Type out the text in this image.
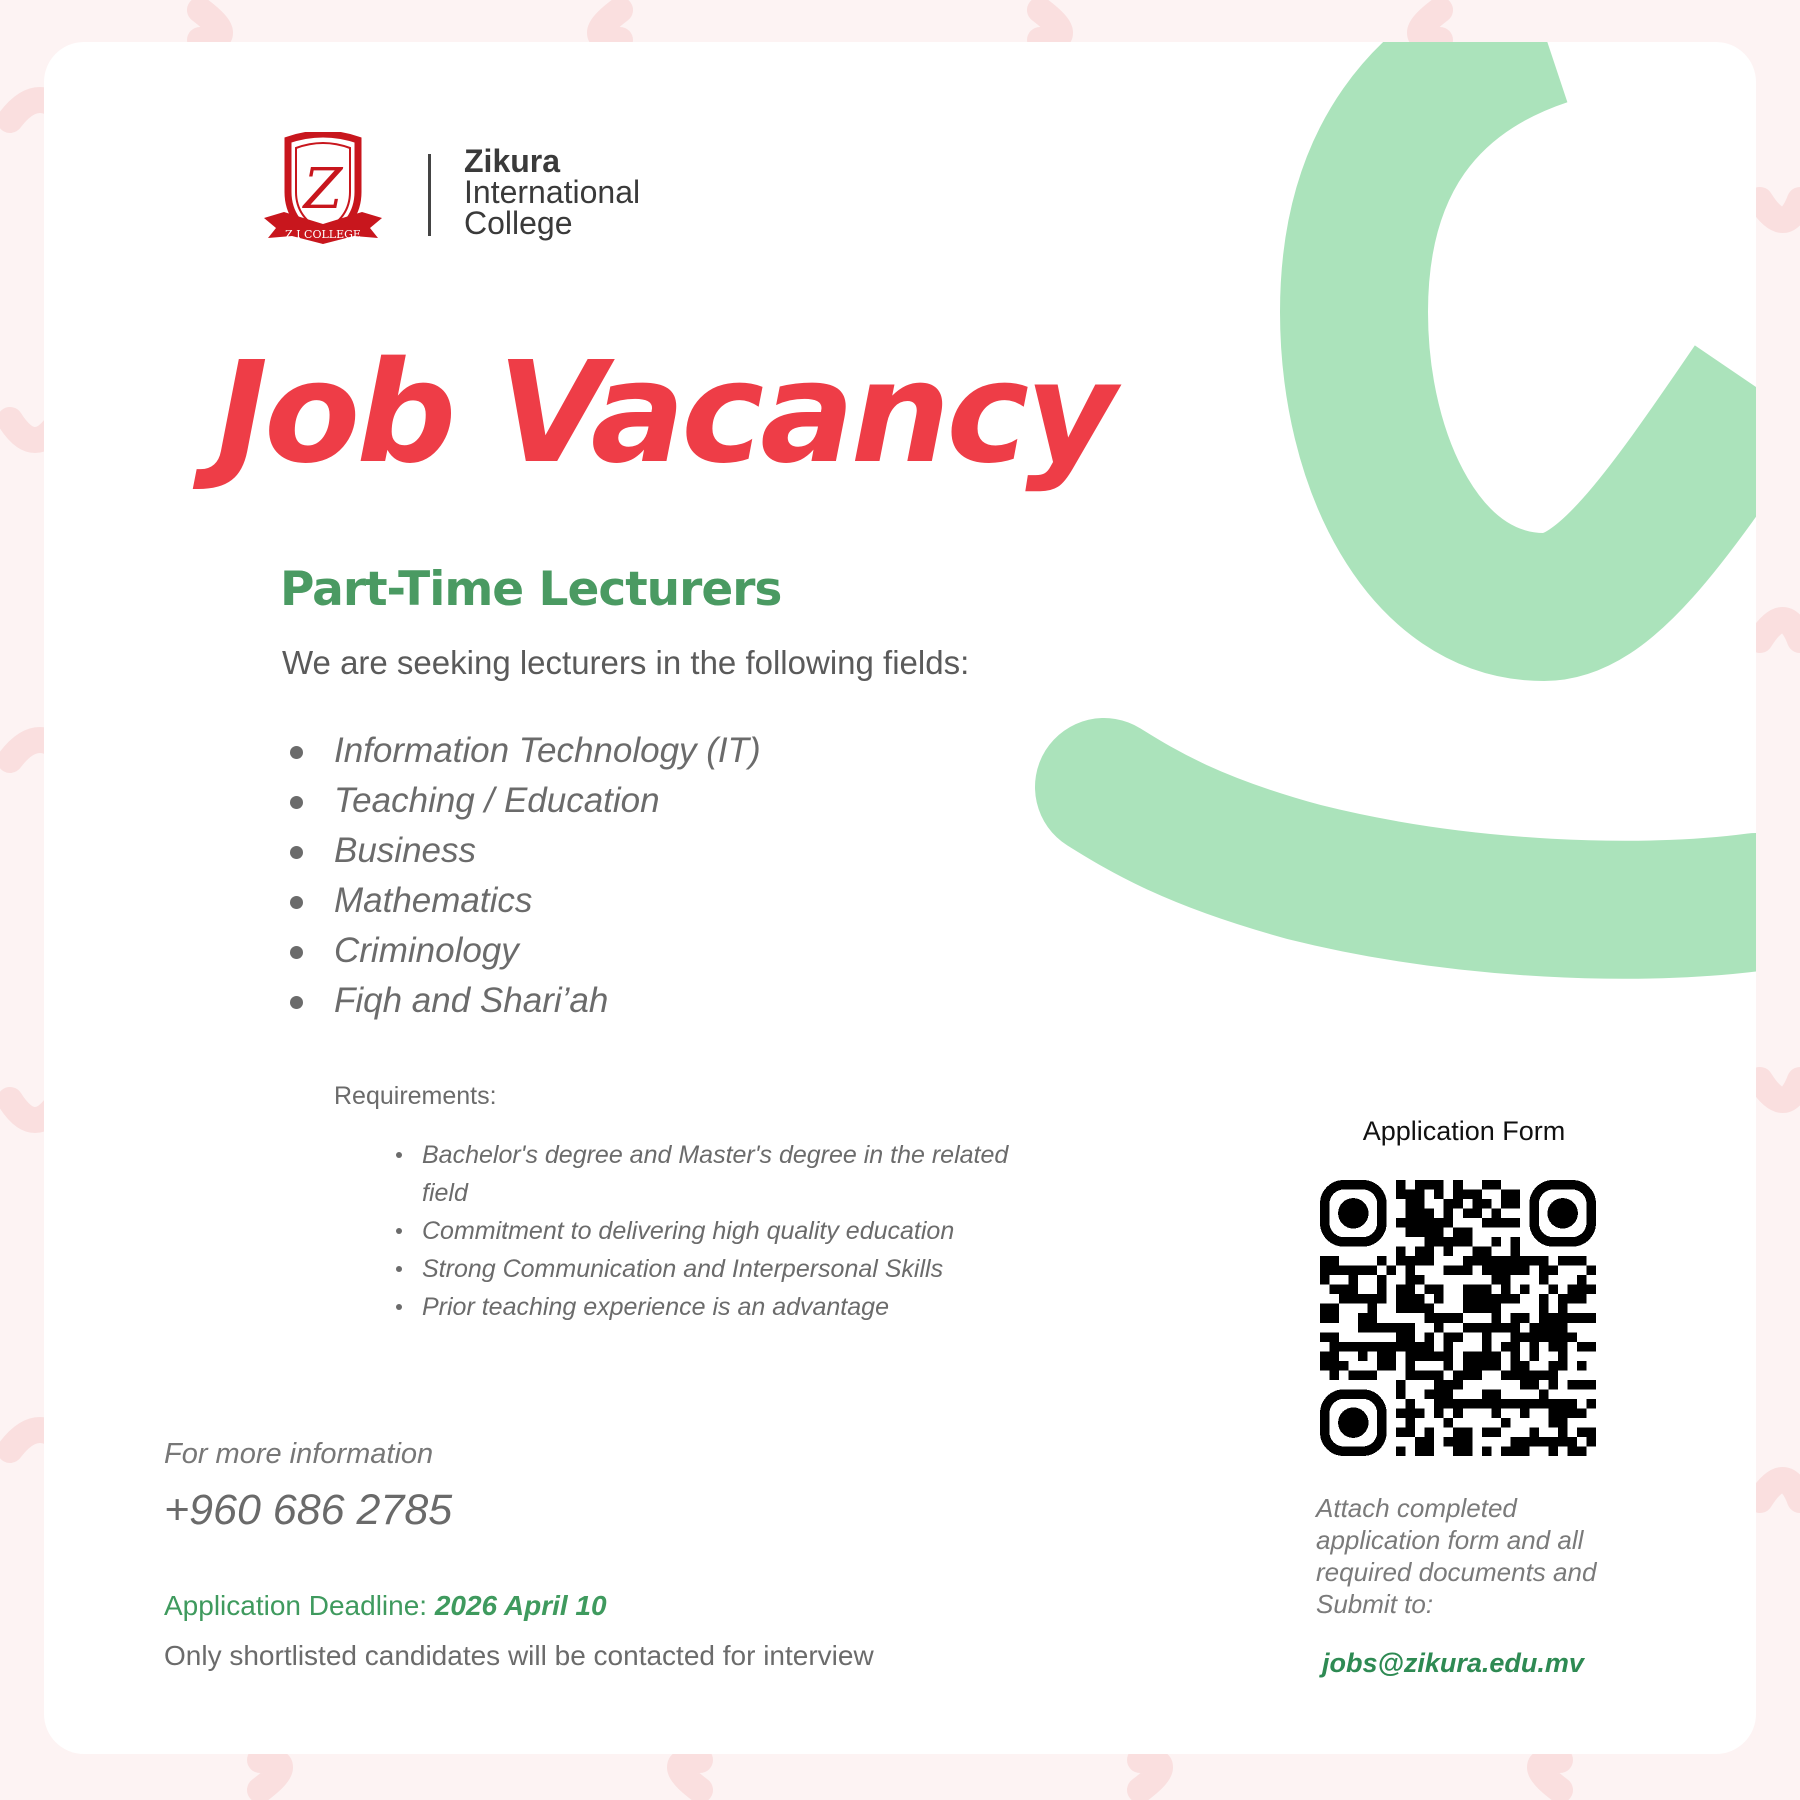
Z
Z I COLLEGE
Zikura
International
College
Job Vacancy
Part-Time Lecturers
We are seeking lecturers in the following fields:
Information Technology (IT)
Teaching / Education
Business
Mathematics
Criminology
Fiqh and Shari’ah
Requirements:
Bachelor's degree and Master's degree in the related field
Commitment to delivering high quality education
Strong Communication and Interpersonal Skills
Prior teaching experience is an advantage
For more information
+960 686 2785
Application Deadline: 2026 April 10
Only shortlisted candidates will be contacted for interview
Application Form
Attach completed application form and all required documents and Submit to:
jobs@zikura.edu.mv
